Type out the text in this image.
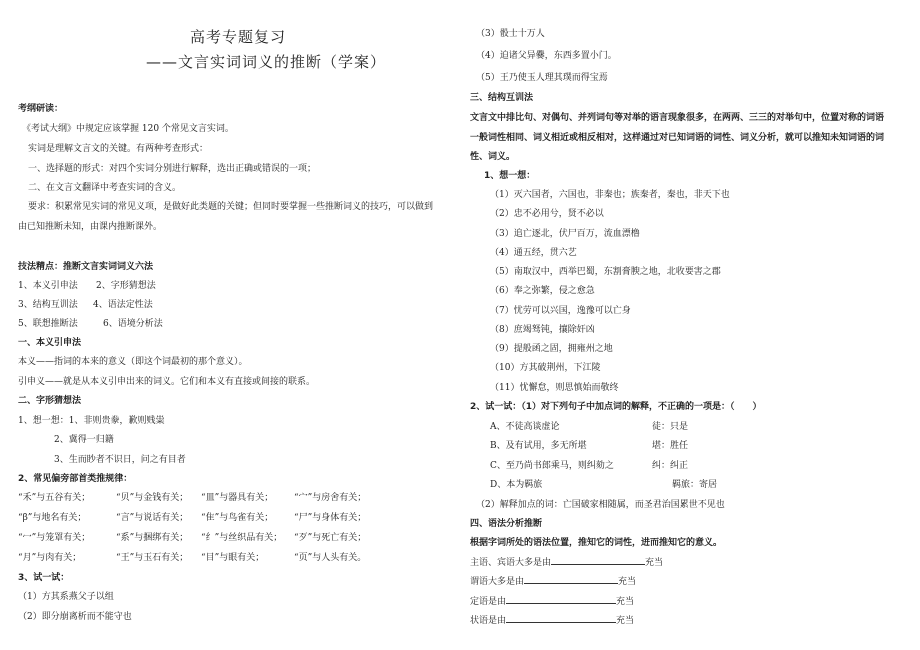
高考专题复习
——文言实词词义的推断（学案）
考纲研读：
《考试大纲》中规定应该掌握 120 个常见文言实词。
实词是理解文言文的关键。有两种考查形式：
一、选择题的形式：对四个实词分别进行解释，选出正确或错误的一项；
二、在文言文翻译中考查实词的含义。
要求：积累常见实词的常见义项，是做好此类题的关键；但同时要掌握一些推断词义的技巧，可以做到
由已知推断未知，由课内推断课外。
技法精点：推断文言实词词义六法
1、本义引申法 2、字形猜想法
3、结构互训法 4、语法定性法
5、联想推断法	6、语境分析法
一、本义引申法
本义——指词的本来的意义（即这个词最初的那个意义）。
引申义——就是从本义引申出来的词义。它们和本义有直接或间接的联系。
二、字形猜想法
1、想一想：1、非则贵豢，歉则贱粜
2、冀得一归籍
3、生而眇者不识日，问之有目者
2、常见偏旁部首类推规律：
“禾”与五谷有关；	“贝”与金钱有关； “皿”与器具有关； “宀”与房舍有关；
“β”与地名有关；	“言”与说话有关； “隹”与鸟雀有关； “尸”与身体有关；
“冖”与笼罩有关；	“系”与捆绑有关； “纟”与丝织品有关； “歹”与死亡有关；
“月”与肉有关；	“王”与玉石有关； “目”与眼有关；	“页”与人头有关。
3、试一试：
（1）方其系燕父子以组
（2）即分崩离析而不能守也
（3）骰士十万人
（4）迫诸父异爨，东西多置小门。
（5）王乃使玉人理其璞而得宝焉
三、结构互训法
文言文中排比句、对偶句、并列词句等对举的语言现象很多，在两两、三三的对举句中，位置对称的词语
一般词性相同、词义相近或相反相对，这样通过对已知词语的词性、词义分析，就可以推知未知词语的词
性、词义。
1、想一想：
（1）灭六国者，六国也，非秦也；族秦者，秦也，非天下也
（2）忠不必用兮，贤不必以
（3）追亡逐北，伏尸百万，流血漂橹
（4）通五经，贯六艺
（5）南取汉中，西举巴蜀，东割膏腴之地，北收要害之郡
（6）奉之弥繁，侵之愈急
（7）忧劳可以兴国，逸豫可以亡身
（8）庶竭驽钝，攘除奸凶
（9）提般函之固，拥雍州之地
（10）方其破荆州，下江陵
（11）忧懈怠，则思慎始而敬终
2、试一试：（1）对下列句子中加点词的解释，不正确的一项是：（　　）
A、不徒高谈虚论	徒：只是
B、及有试用，多无所堪	堪：胜任
C、至乃尚书郎乘马，则纠劾之	纠：纠正
D、本为羁旅	羁旅：寄居
（2）解释加点的词：亡国破家相随属，而圣君治国累世不见也
四、语法分析推断
根据字词所处的语法位置，推知它的词性，进而推知它的意义。
主语、宾语大多是由	充当
谓语大多是由	充当
定语是由	充当
状语是由	充当
